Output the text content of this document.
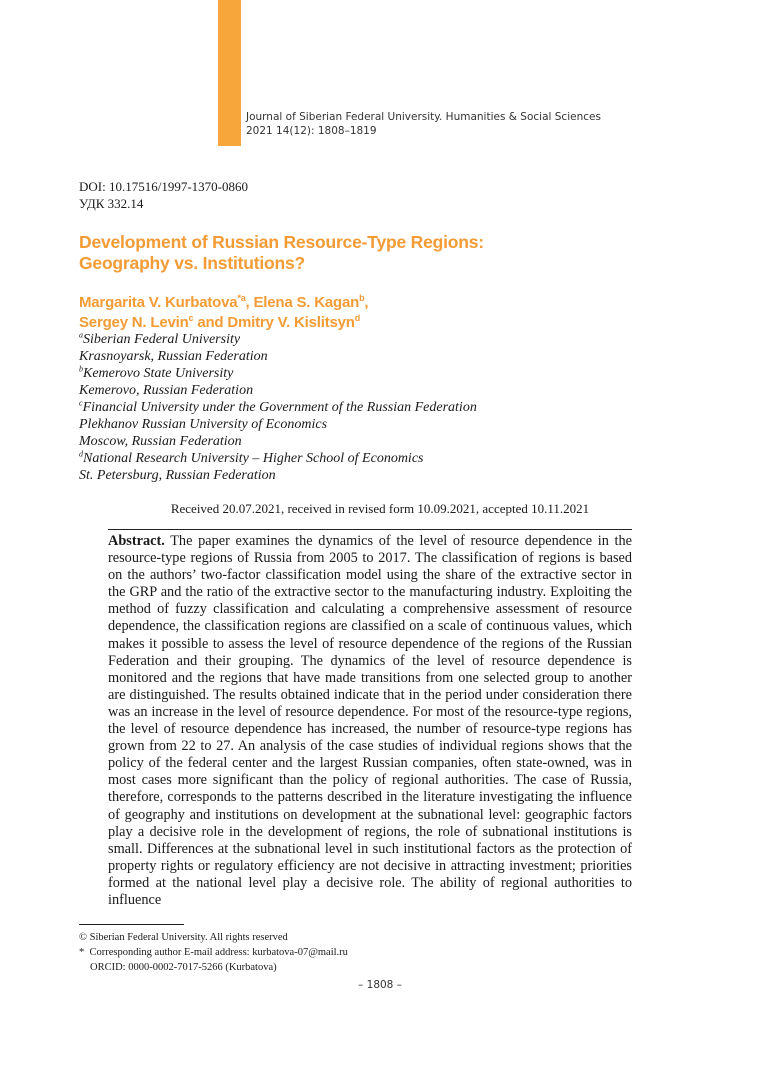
Journal of Siberian Federal University. Humanities & Social Sciences
2021 14(12): 1808–1819
DOI: 10.17516/1997-1370-0860
УДК 332.14
Development of Russian Resource-Type Regions:
Geography vs. Institutions?
Margarita V. Kurbatova$^{*a}$, Elena S. Kagan$^b$,
Sergey N. Levin$^c$ and Dmitry V. Kislitsyn$^d$
$^a$Siberian Federal University
Krasnoyarsk, Russian Federation
$^b$Kemerovo State University
Kemerovo, Russian Federation
$^c$Financial University under the Government of the Russian Federation
Plekhanov Russian University of Economics
Moscow, Russian Federation
$^d$National Research University – Higher School of Economics
St. Petersburg, Russian Federation
Received 20.07.2021, received in revised form 10.09.2021, accepted 10.11.2021
Abstract. The paper examines the dynamics of the level of resource dependence in the resource-type regions of Russia from 2005 to 2017. The classification of regions is based on the authors’ two-factor classification model using the share of the extractive sector in the GRP and the ratio of the extractive sector to the manufacturing industry. Exploiting the method of fuzzy classification and calculating a comprehensive assessment of resource dependence, the classification regions are classified on a scale of continuous values, which makes it possible to assess the level of resource dependence of the regions of the Russian Federation and their grouping. The dynamics of the level of resource dependence is monitored and the regions that have made transitions from one selected group to another are distinguished. The results obtained indicate that in the period under consideration there was an increase in the level of resource dependence. For most of the resource-type regions, the level of resource dependence has increased, the number of resource-type regions has grown from 22 to 27. An analysis of the case studies of individual regions shows that the policy of the federal center and the largest Russian companies, often state-owned, was in most cases more significant than the policy of regional authorities. The case of Russia, therefore, corresponds to the patterns described in the literature investigating the influence of geography and institutions on development at the subnational level: geographic factors play a decisive role in the development of regions, the role of subnational institutions is small. Differences at the subnational level in such institutional factors as the protection of property rights or regulatory efficiency are not decisive in attracting investment; priorities formed at the national level play a decisive role. The ability of regional authorities to influence
© Siberian Federal University. All rights reserved
*  Corresponding author E-mail address: kurbatova-07@mail.ru
ORCID: 0000-0002-7017-5266 (Kurbatova)
– 1808 –
